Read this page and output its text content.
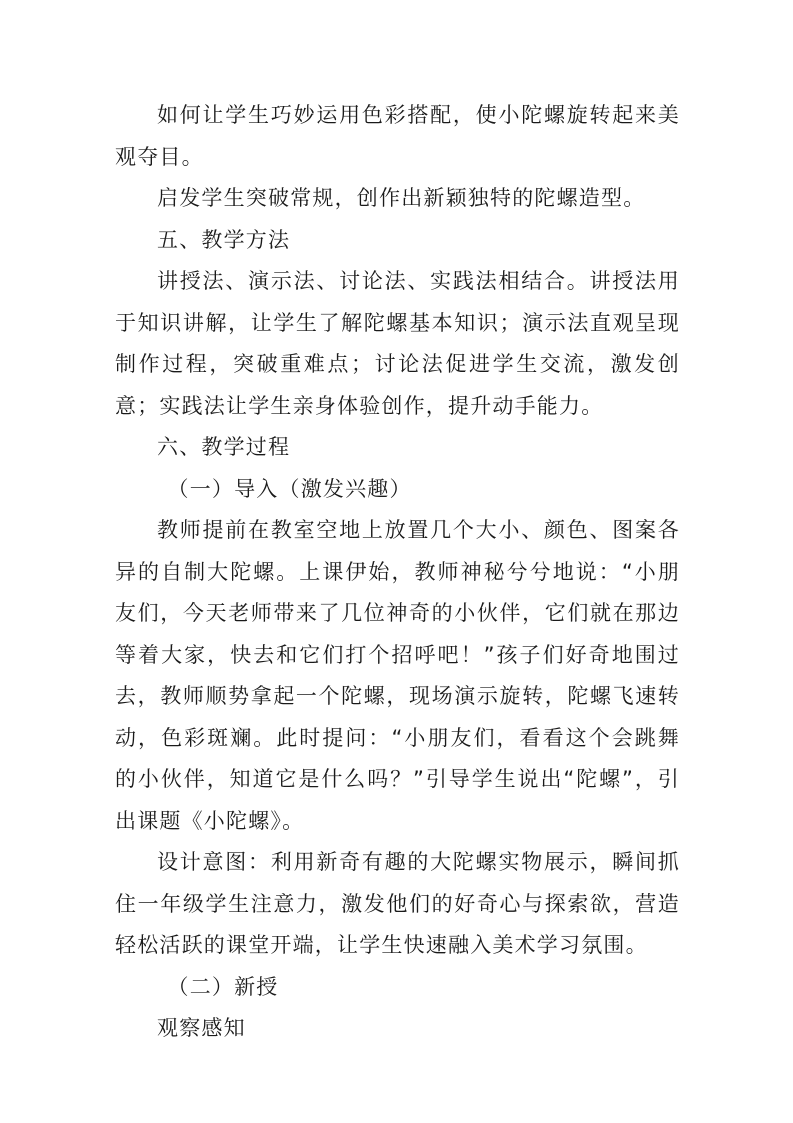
如何让学生巧妙运用色彩搭配，使小陀螺旋转起来美观夺目。

启发学生突破常规，创作出新颖独特的陀螺造型。

五、教学方法

讲授法、演示法、讨论法、实践法相结合。讲授法用于知识讲解，让学生了解陀螺基本知识；演示法直观呈现制作过程，突破重难点；讨论法促进学生交流，激发创意；实践法让学生亲身体验创作，提升动手能力。

六、教学过程

（一）导入（激发兴趣）

教师提前在教室空地上放置几个大小、颜色、图案各异的自制大陀螺。上课伊始，教师神秘兮兮地说：“小朋友们，今天老师带来了几位神奇的小伙伴，它们就在那边等着大家，快去和它们打个招呼吧！”孩子们好奇地围过去，教师顺势拿起一个陀螺，现场演示旋转，陀螺飞速转动，色彩斑斓。此时提问：“小朋友们，看看这个会跳舞的小伙伴，知道它是什么吗？”引导学生说出“陀螺”，引出课题《小陀螺》。

设计意图：利用新奇有趣的大陀螺实物展示，瞬间抓住一年级学生注意力，激发他们的好奇心与探索欲，营造轻松活跃的课堂开端，让学生快速融入美术学习氛围。

（二）新授

观察感知
